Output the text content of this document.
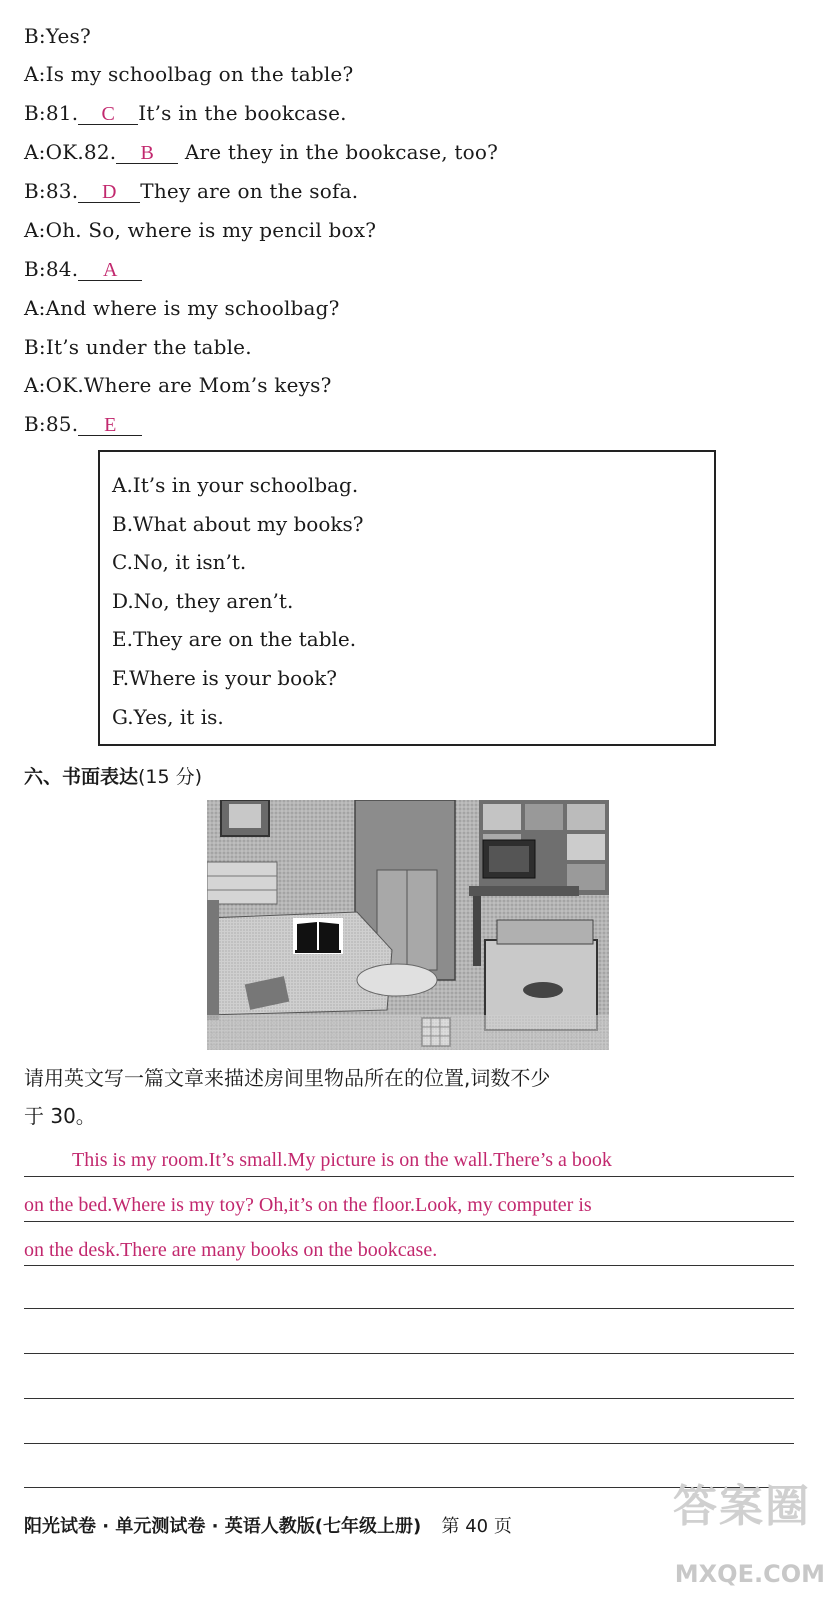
B:Yes?
A:Is my schoolbag on the table?
B:81. C It’s in the bookcase.
A:OK.82. B Are they in the bookcase, too?
B:83. D They are on the sofa.
A:Oh. So, where is my pencil box?
B:84. A
A:And where is my schoolbag?
B:It’s under the table.
A:OK.Where are Mom’s keys?
B:85. E
A.It’s in your schoolbag.
B.What about my books?
C.No, it isn’t.
D.No, they aren’t.
E.They are on the table.
F.Where is your book?
G.Yes, it is.
六、书面表达(15 分)
请用英文写一篇文章来描述房间里物品所在的位置,词数不少
于 30。
This is my room.It’s small.My picture is on the wall.There’s a book
on the bed.Where is my toy? Oh,it’s on the floor.Look, my computer is
on the desk.There are many books on the bookcase.
答案圈
MXQE.COM
阳光试卷 · 单元测试卷 · 英语人教版(七年级上册) 第 40 页
